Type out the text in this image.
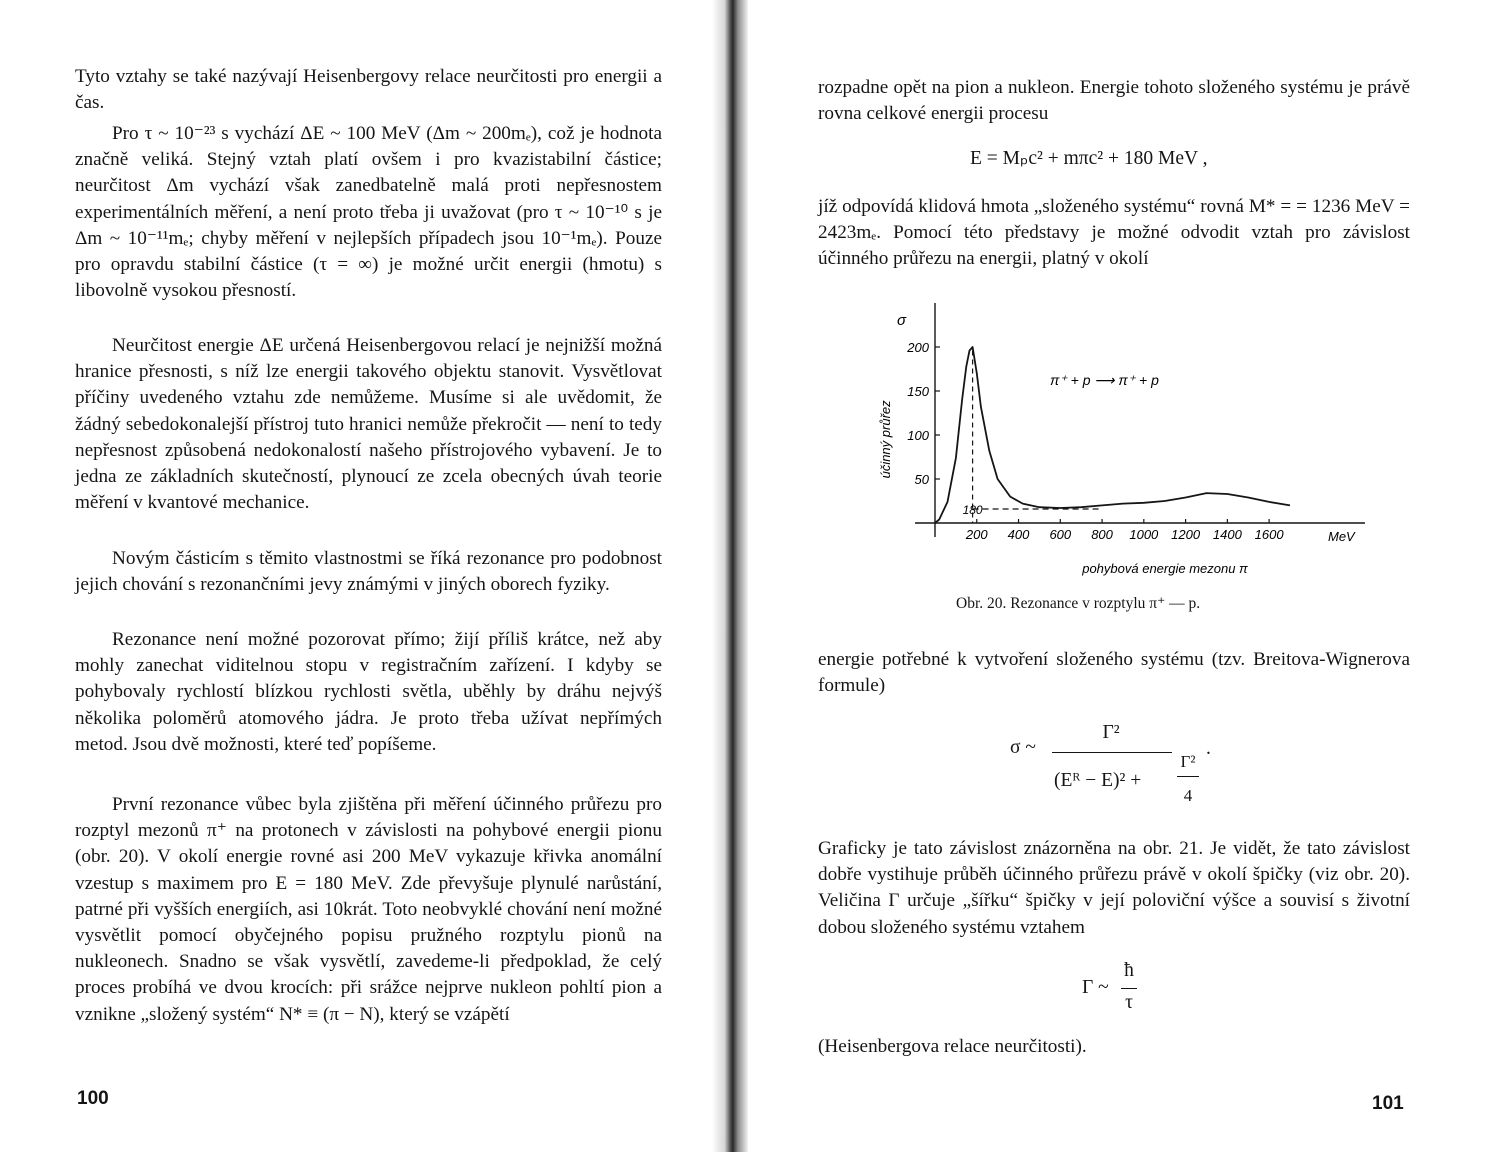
Tyto vztahy se také nazývají Heisenbergovy relace neurčitosti pro energii a čas.

Pro τ ~ 10⁻²³ s vychází ΔE ~ 100 MeV (Δm ~ 200mₑ), což je hodnota značně veliká. Stejný vztah platí ovšem i pro kvazistabilní částice; neurčitost Δm vychází však zanedbatelně malá proti nepřesnostem experimentálních měření, a není proto třeba ji uvažovat (pro τ ~ 10⁻¹⁰ s je Δm ~ 10⁻¹¹mₑ; chyby měření v nejlepších případech jsou 10⁻¹mₑ). Pouze pro opravdu stabilní částice (τ = ∞) je možné určit energii (hmotu) s libovolně vysokou přesností.

Neurčitost energie ΔE určená Heisenbergovou relací je nejnižší možná hranice přesnosti, s níž lze energii takového objektu stanovit. Vysvětlovat příčiny uvedeného vztahu zde nemůžeme. Musíme si ale uvědomit, že žádný sebedokonalejší přístroj tuto hranici nemůže překročit — není to tedy nepřesnost způsobená nedokonalostí našeho přístrojového vybavení. Je to jedna ze základních skutečností, plynoucí ze zcela obecných úvah teorie měření v kvantové mechanice.

Novým částicím s těmito vlastnostmi se říká rezonance pro podobnost jejich chování s rezonančními jevy známými v jiných oborech fyziky.

Rezonance není možné pozorovat přímo; žijí příliš krátce, než aby mohly zanechat viditelnou stopu v registračním zařízení. I kdyby se pohybovaly rychlostí blízkou rychlosti světla, uběhly by dráhu nejvýš několika poloměrů atomového jádra. Je proto třeba užívat nepřímých metod. Jsou dvě možnosti, které teď popíšeme.

První rezonance vůbec byla zjištěna při měření účinného průřezu pro rozptyl mezonů π⁺ na protonech v závislosti na pohybové energii pionu (obr. 20). V okolí energie rovné asi 200 MeV vykazuje křivka anomální vzestup s maximem pro E = 180 MeV. Zde převyšuje plynulé narůstání, patrné při vyšších energiích, asi 10krát. Toto neobvyklé chování není možné vysvětlit pomocí obyčejného popisu pružného rozptylu pionů na nukleonech. Snadno se však vysvětlí, zavedeme-li předpoklad, že celý proces probíhá ve dvou krocích: při srážce nejprve nukleon pohltí pion a vznikne „složený systém“ N* ≡ (π − N), který se vzápětí

100

rozpadne opět na pion a nukleon. Energie tohoto složeného systému je právě rovna celkové energii procesu

E = Mₚc² + mπc² + 180 MeV ,

jíž odpovídá klidová hmota „složeného systému“ rovná M* = = 1236 MeV = 2423mₑ. Pomocí této představy je možné odvodit vztah pro závislost účinného průřezu na energii, platný v okolí

50
100
150
200
200 400 600 800 1000 1200 1400 1600
180
σ
účinný průřez
MeV
pohybová energie mezonu π
π⁺ + p ⟶ π⁺ + p
Obr. 20. Rezonance v rozptylu π⁺ — p.

energie potřebné k vytvoření složeného systému (tzv. Breitova-Wignerova formule)

σ ~
Γ²
(Eᴿ − E)² +
Γ²
4
.

Graficky je tato závislost znázorněna na obr. 21. Je vidět, že tato závislost dobře vystihuje průběh účinného průřezu právě v okolí špičky (viz obr. 20). Veličina Γ určuje „šířku“ špičky v její poloviční výšce a souvisí s životní dobou složeného systému vztahem

Γ ~
ħ
τ

(Heisenbergova relace neurčitosti).

101
